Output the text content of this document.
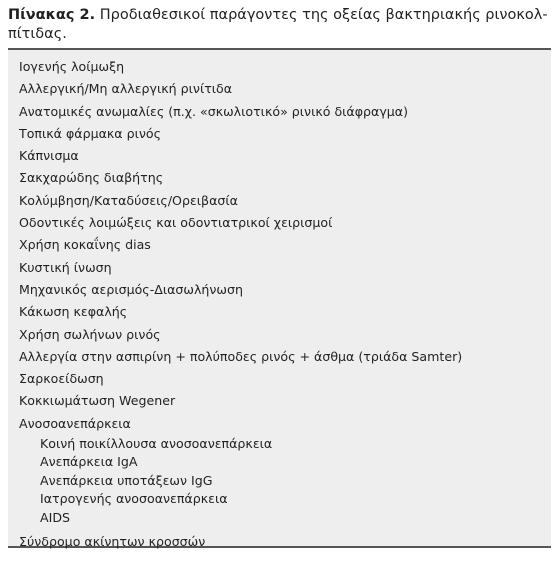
Πίνακας 2. Προδιαθεσικοί παράγοντες της οξείας βακτηριακής ρινοκολ-
πίτιδας.

Ιογενής λοίμωξη
Αλλεργική/Μη αλλεργική ρινίτιδα
Ανατομικές ανωμαλίες (π.χ. «σκωλιοτικό» ρινικό διάφραγμα)
Τοπικά φάρμακα ρινός
Κάπνισμα
Σακχαρώδης διαβήτης
Κολύμβηση/Καταδύσεις/Ορειβασία
Οδοντικές λοιμώξεις και οδοντιατρικοί χειρισμοί
Χρήση κοκαΐνης dias
Κυστική ίνωση
Μηχανικός αερισμός-Διασωλήνωση
Κάκωση κεφαλής
Χρήση σωλήνων ρινός
Αλλεργία στην ασπιρίνη + πολύποδες ρινός + άσθμα (τριάδα Samter)
Σαρκοείδωση
Κοκκιωμάτωση Wegener
Ανοσοανεπάρκεια
Κοινή ποικίλλουσα ανοσοανεπάρκεια
Ανεπάρκεια IgA
Ανεπάρκεια υποτάξεων IgG
Ιατρογενής ανοσοανεπάρκεια
AIDS
Σύνδρομο ακίνητων κροσσών
